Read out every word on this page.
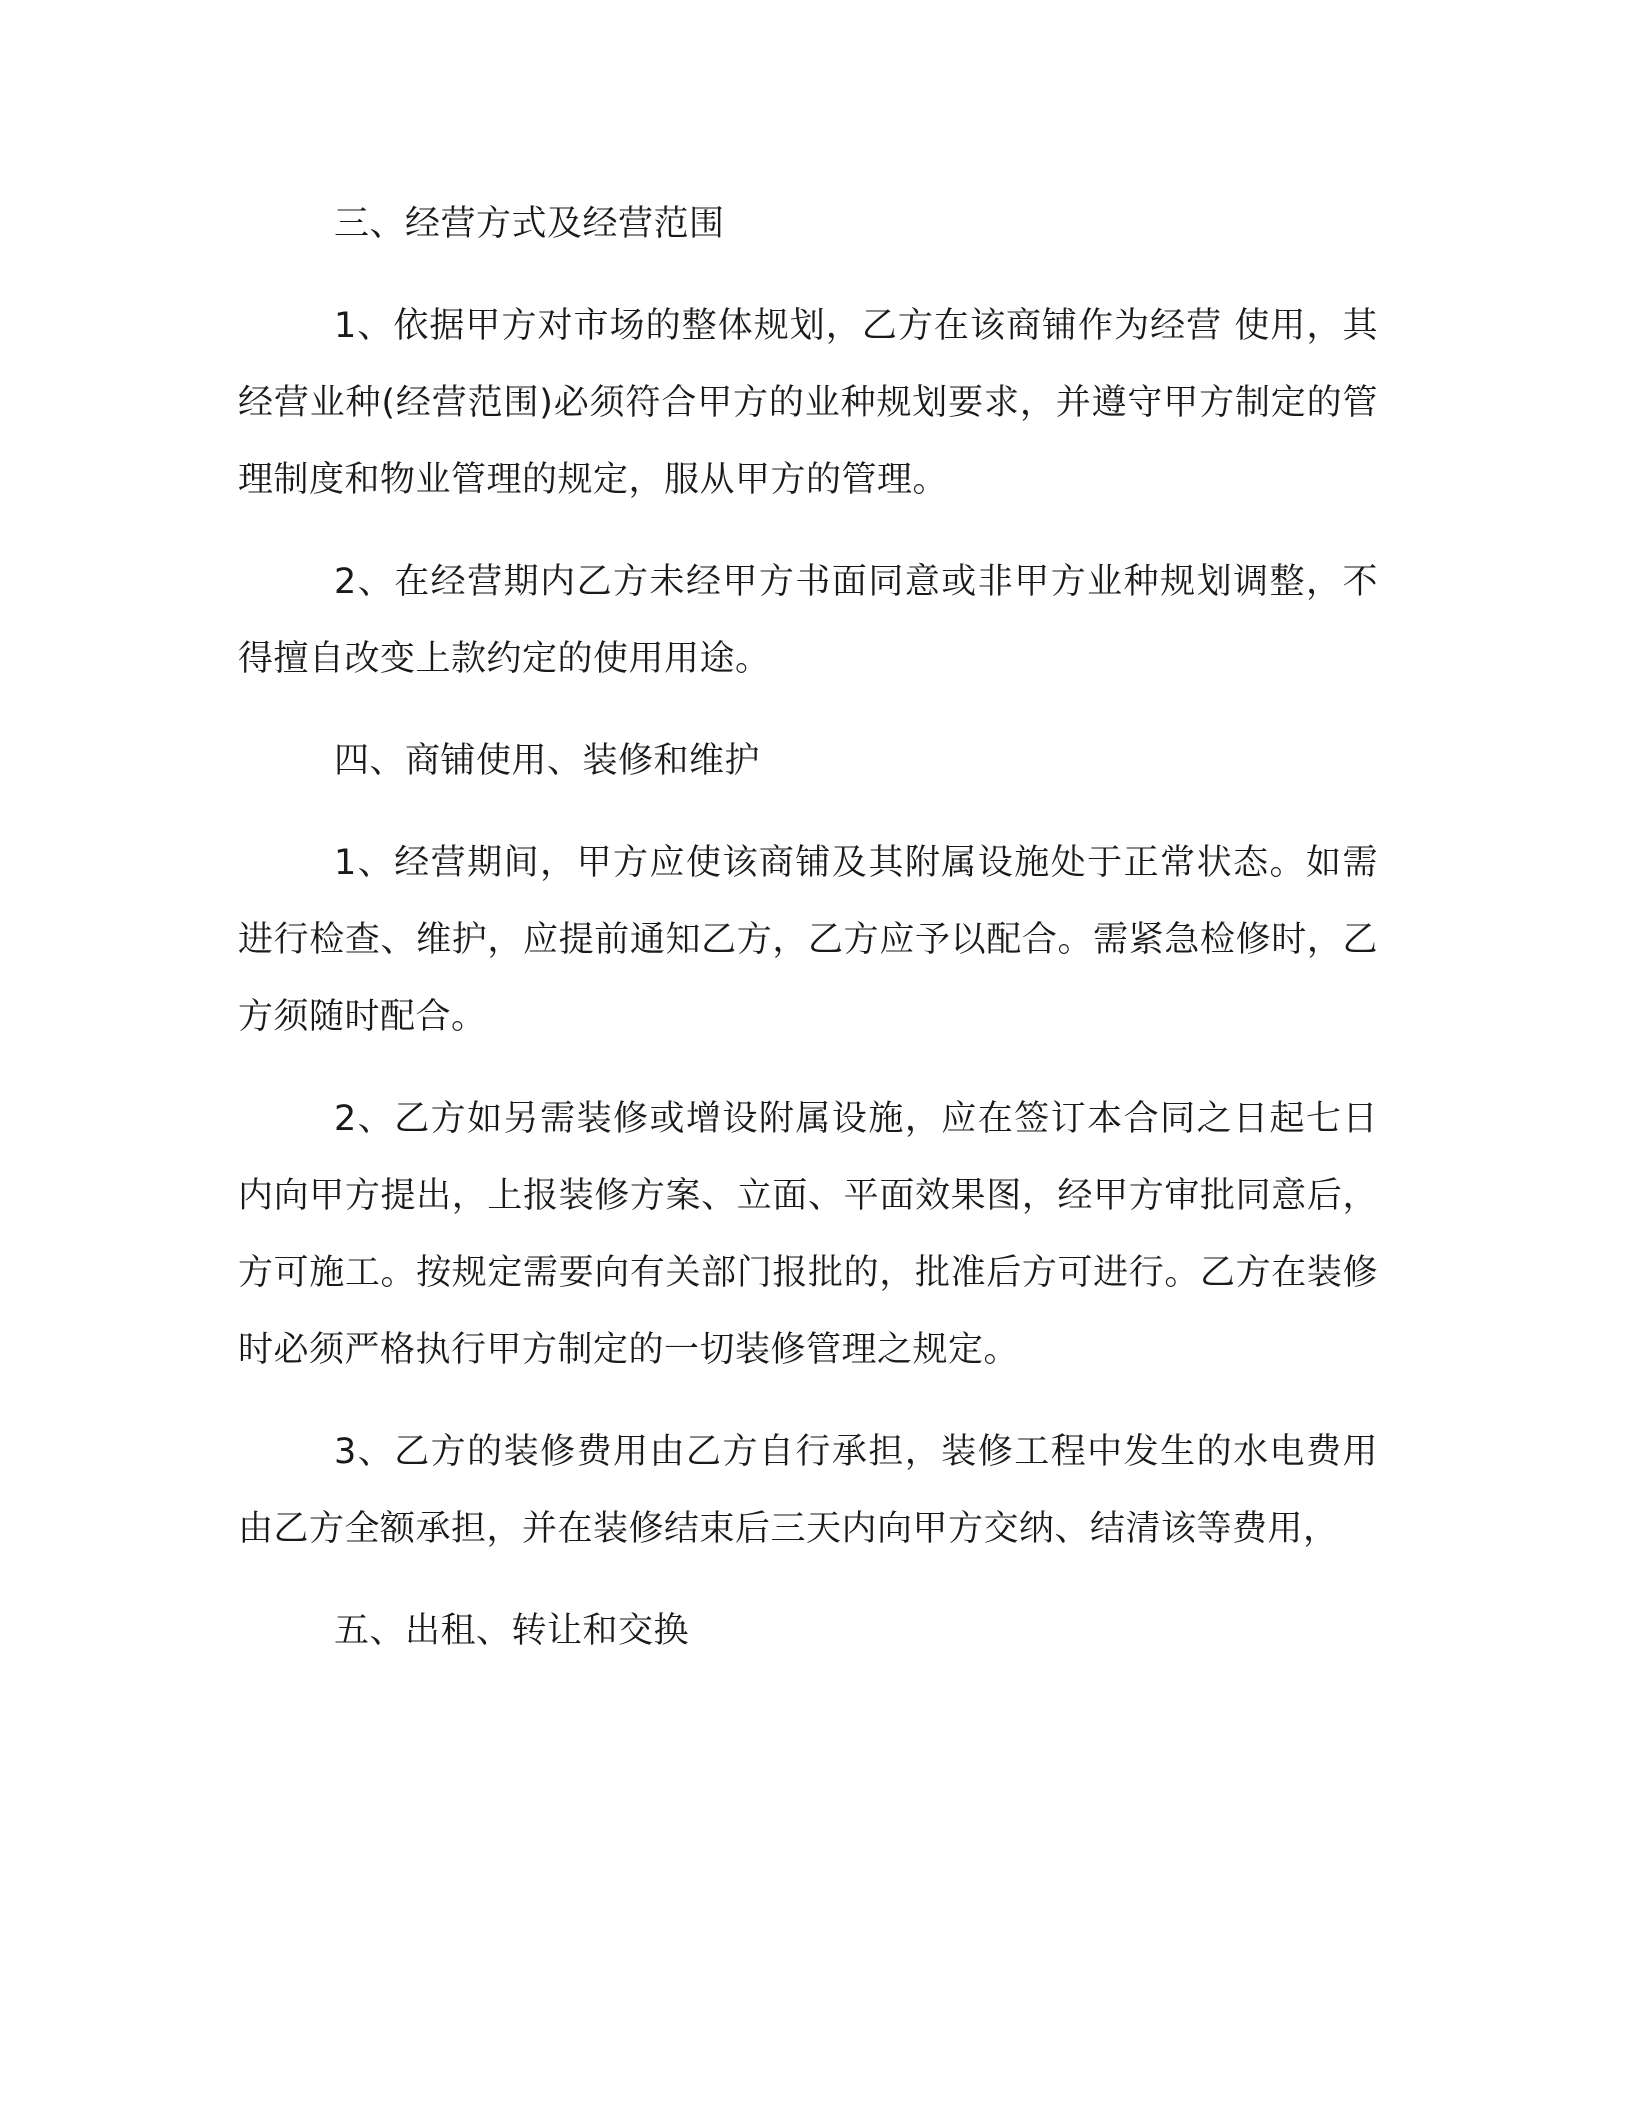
三、经营方式及经营范围
1、依据甲方对市场的整体规划，乙方在该商铺作为经营 使用，其经营业种(经营范围)必须符合甲方的业种规划要求，并遵守甲方制定的管理制度和物业管理的规定，服从甲方的管理。
2、在经营期内乙方未经甲方书面同意或非甲方业种规划调整，不得擅自改变上款约定的使用用途。
四、商铺使用、装修和维护
1、经营期间，甲方应使该商铺及其附属设施处于正常状态。如需进行检查、维护，应提前通知乙方，乙方应予以配合。需紧急检修时，乙方须随时配合。
2、乙方如另需装修或增设附属设施，应在签订本合同之日起七日内向甲方提出，上报装修方案、立面、平面效果图，经甲方审批同意后，方可施工。按规定需要向有关部门报批的，批准后方可进行。乙方在装修时必须严格执行甲方制定的一切装修管理之规定。
3、乙方的装修费用由乙方自行承担，装修工程中发生的水电费用由乙方全额承担，并在装修结束后三天内向甲方交纳、结清该等费用，
五、出租、转让和交换
